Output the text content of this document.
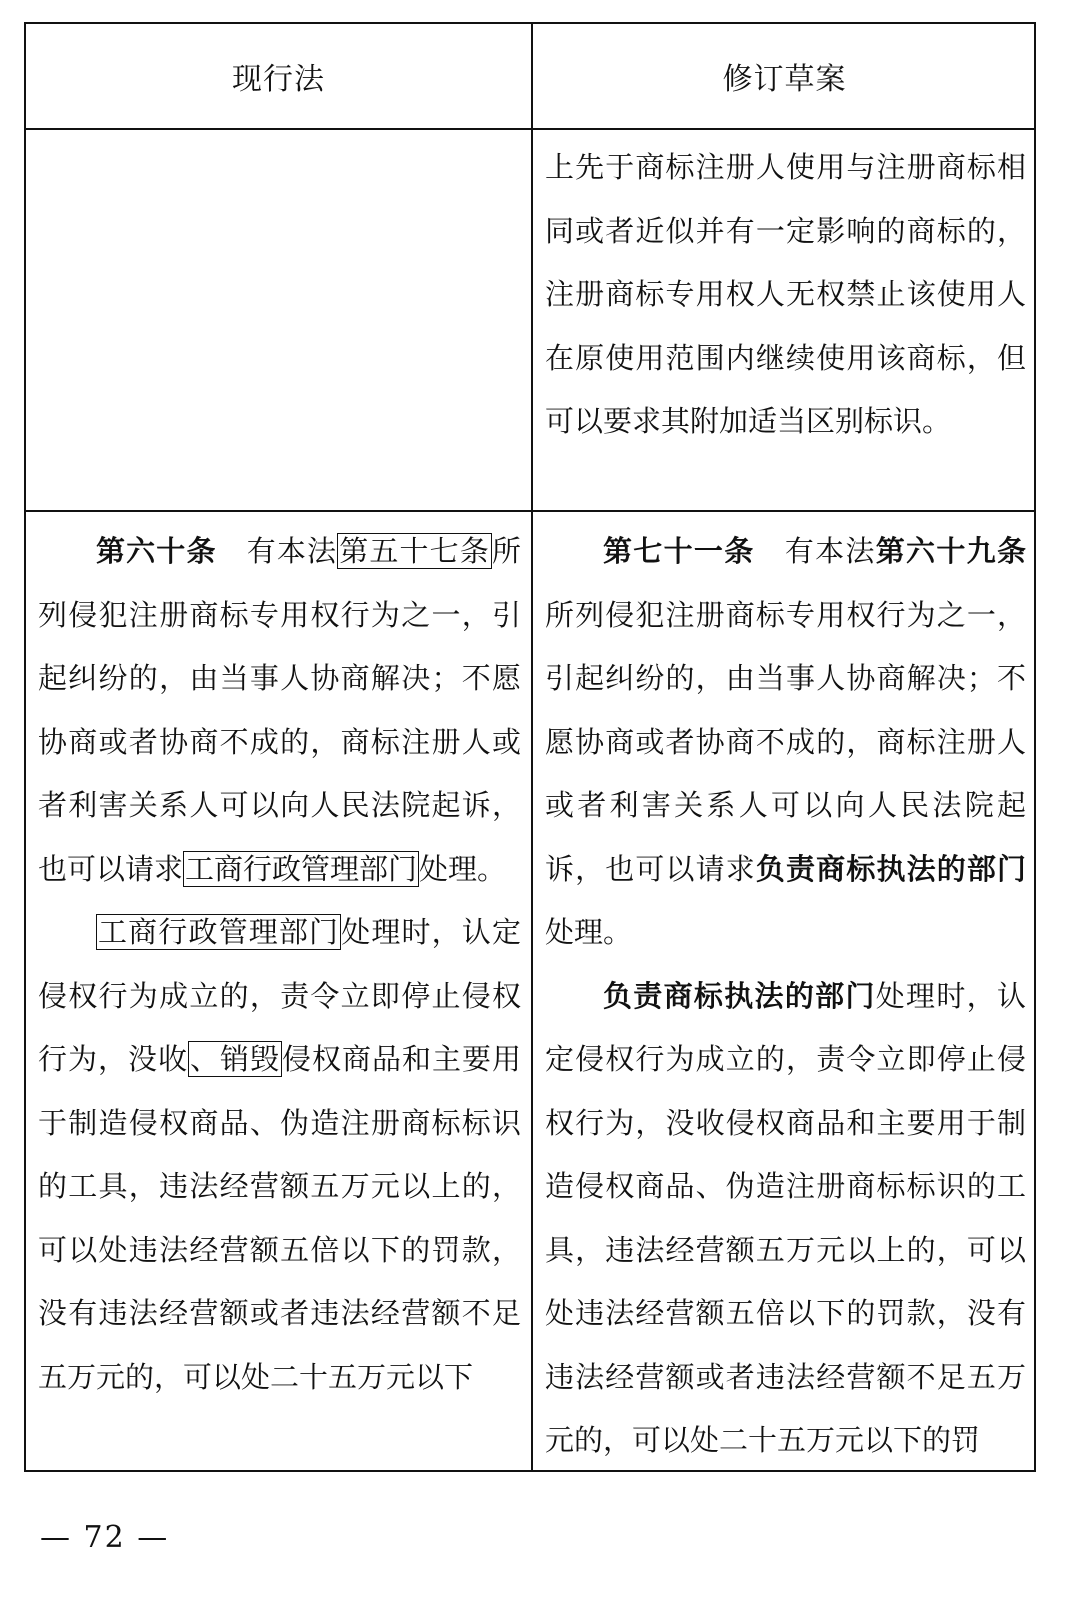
现行法	修订草案

上先于商标注册人使用与注册商标相同或者近似并有一定影响的商标的，注册商标专用权人无权禁止该使用人在原使用范围内继续使用该商标，但可以要求其附加适当区别标识。

第六十条　 有本法第五十七条所列侵犯注册商标专用权行为之一，引起纠纷的，由当事人协商解决；不愿协商或者协商不成的，商标注册人或者利害关系人可以向人民法院起诉，也可以请求工商行政管理部门处理。

工商行政管理部门处理时，认定侵权行为成立的，责令立即停止侵权行为，没收、销毁侵权商品和主要用于制造侵权商品、伪造注册商标标识的工具，违法经营额五万元以上的，可以处违法经营额五倍以下的罚款，没有违法经营额或者违法经营额不足五万元的，可以处二十五万元以下

第七十一条　 有本法第六十九条所列侵犯注册商标专用权行为之一，引起纠纷的，由当事人协商解决；不愿协商或者协商不成的，商标注册人或者利害关系人可以向人民法院起诉，也可以请求负责商标执法的部门处理。

负责商标执法的部门处理时，认定侵权行为成立的，责令立即停止侵权行为，没收侵权商品和主要用于制造侵权商品、伪造注册商标标识的工具，违法经营额五万元以上的，可以处违法经营额五倍以下的罚款，没有违法经营额或者违法经营额不足五万元的，可以处二十五万元以下的罚

— 72 —
